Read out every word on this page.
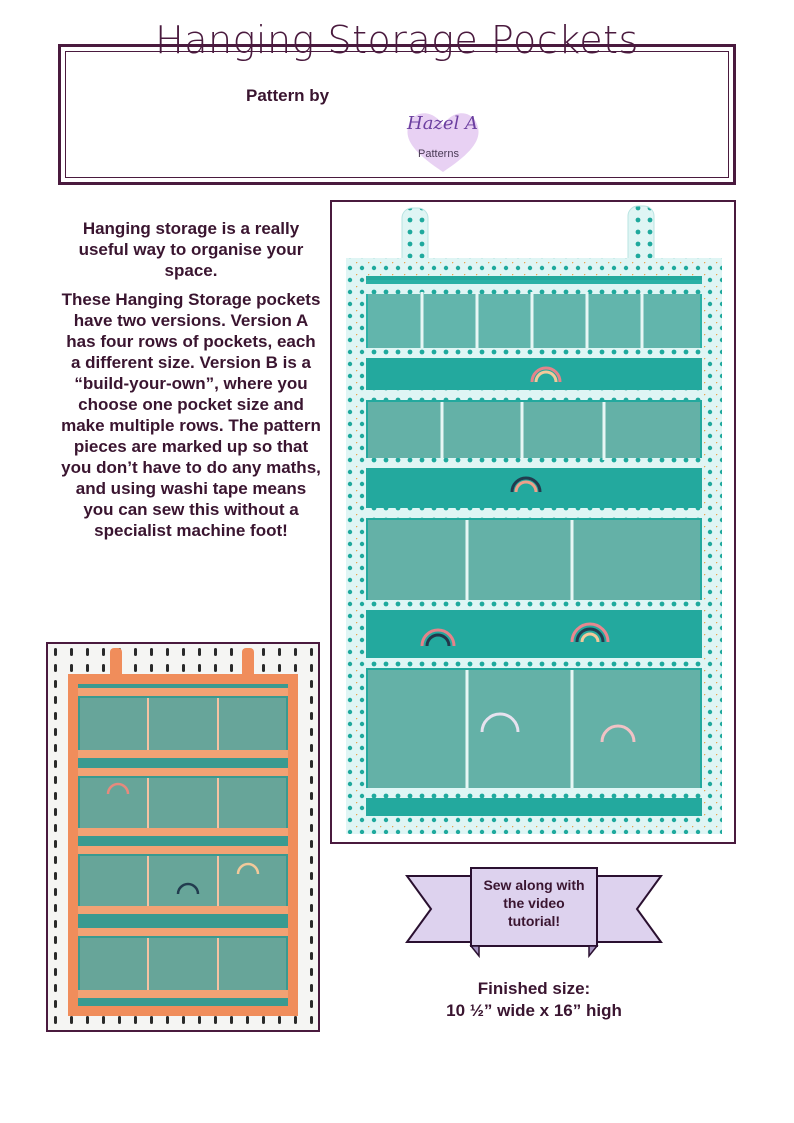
Hanging Storage Pockets
Pattern by
Hazel A
Patterns

Hanging storage is a really useful way to organise your space.

These Hanging Storage pockets have two versions. Version A has four rows of pockets, each a different size. Version B is a “build-your-own”, where you choose one pocket size and make multiple rows. The pattern pieces are marked up so that you don’t have to do any maths, and using washi tape means you can sew this without a specialist machine foot!

Sew along with the video tutorial!
Finished size:
10 ½” wide x 16” high
